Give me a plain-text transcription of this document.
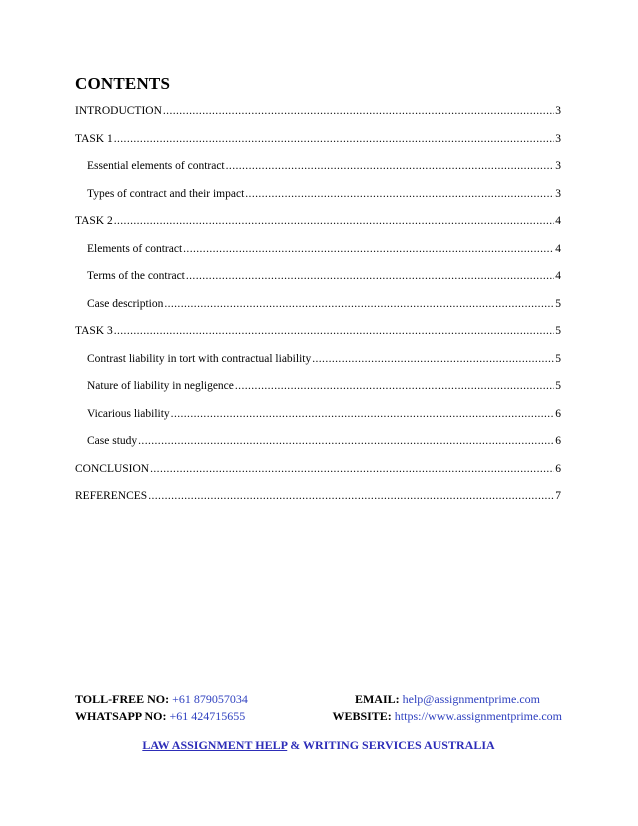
CONTENTS
INTRODUCTION .....	3
TASK 1 .....	3
Essential elements of contract .....	3
Types of contract and their impact .....	3
TASK 2 .....	4
Elements of contract .....	4
Terms of the contract .....	4
Case description .....	5
TASK 3 .....	5
Contrast liability in tort with contractual liability .....	5
Nature of liability in negligence .....	5
Vicarious liability .....	6
Case study .....	6
CONCLUSION .....	6
REFERENCES .....	7
TOLL-FREE NO: +61 879057034	EMAIL: help@assignmentprime.com
WHATSAPP NO: +61 424715655	WEBSITE: https://www.assignmentprime.com
LAW ASSIGNMENT HELP & WRITING SERVICES AUSTRALIA
